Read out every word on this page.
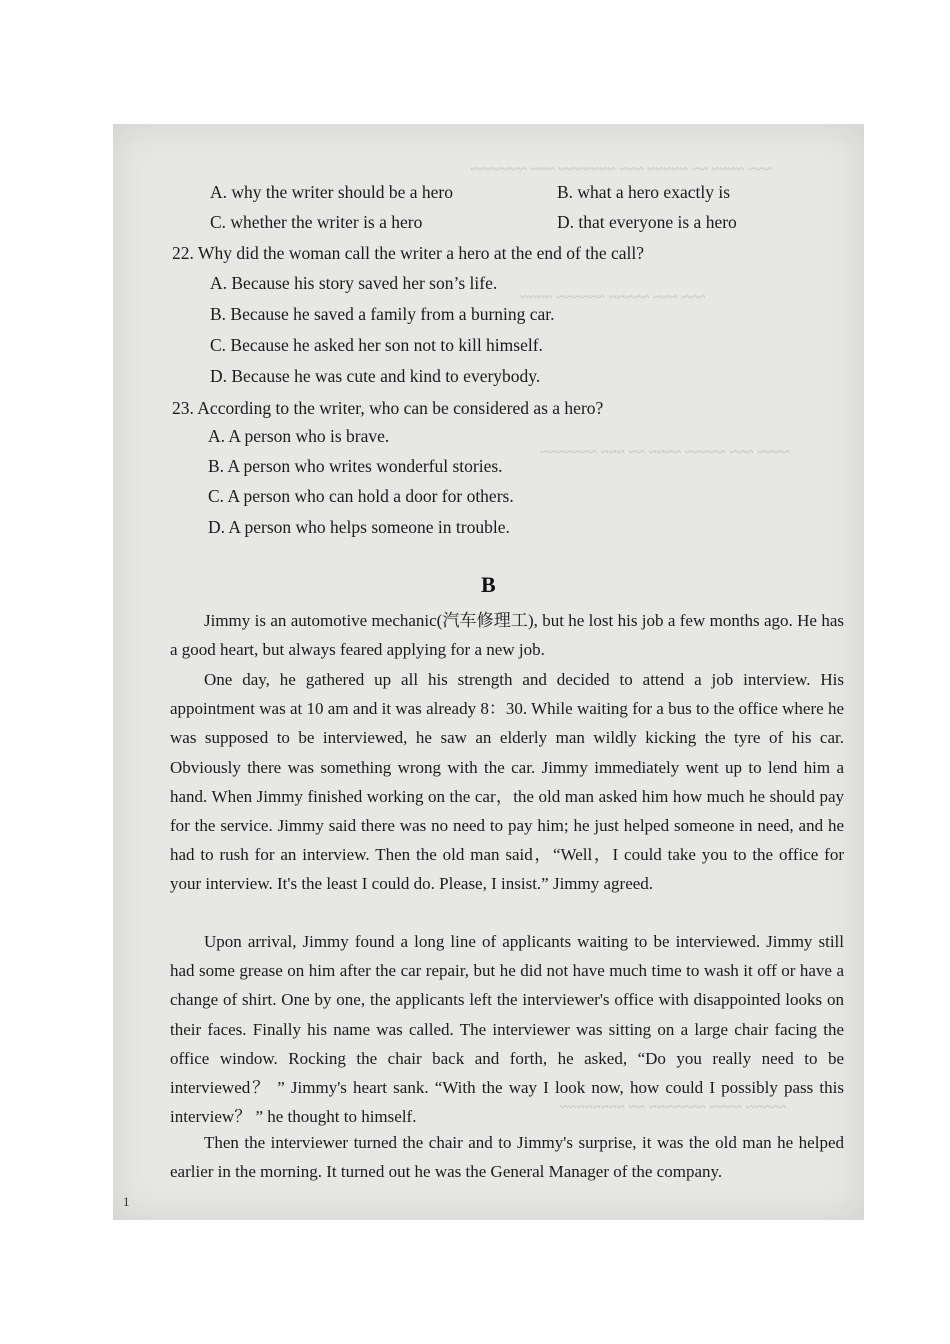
~~~ ~~~~ ~~ ~~~~~ ~~~ ~~~~~~~ ~~~ ~~~~~~~
~~~ ~~~ ~~~~~ ~~~~~~ ~~~~
~~~~ ~~~ ~~~~~ ~~~~ ~~ ~~~ ~~~~~~~
~~~~~ ~~~~ ~~~~~~~ ~~ ~~~~~~~~
A. why the writer should be a hero	B. what a hero exactly is
C. whether the writer is a hero	D. that everyone is a hero
22. Why did the woman call the writer a hero at the end of the call?
A. Because his story saved her son’s life.
B. Because he saved a family from a burning car.
C. Because he asked her son not to kill himself.
D. Because he was cute and kind to everybody.
23. According to the writer, who can be considered as a hero?
A. A person who is brave.
B. A person who writes wonderful stories.
C. A person who can hold a door for others.
D. A person who helps someone in trouble.
B
Jimmy is an automotive mechanic(汽车修理工), but he lost his job a few months ago. He has a good heart, but always feared applying for a new job.
One day, he gathered up all his strength and decided to attend a job interview. His appointment was at 10 am and it was already 8：30. While waiting for a bus to the office where he was supposed to be interviewed, he saw an elderly man wildly kicking the tyre of his car. Obviously there was something wrong with the car. Jimmy immediately went up to lend him a hand. When Jimmy finished working on the car，the old man asked him how much he should pay for the service. Jimmy said there was no need to pay him; he just helped someone in need, and he had to rush for an interview. Then the old man said，“Well，I could take you to the office for your interview. It's the least I could do. Please, I insist.” Jimmy agreed.
Upon arrival, Jimmy found a long line of applicants waiting to be interviewed. Jimmy still had some grease on him after the car repair, but he did not have much time to wash it off or have a change of shirt. One by one, the applicants left the interviewer's office with disappointed looks on their faces. Finally his name was called. The interviewer was sitting on a large chair facing the office window. Rocking the chair back and forth, he asked, “Do you really need to be interviewed？ ” Jimmy's heart sank. “With the way I look now, how could I possibly pass this interview？ ” he thought to himself.
Then the interviewer turned the chair and to Jimmy's surprise, it was the old man he helped earlier in the morning. It turned out he was the General Manager of the company.
1
